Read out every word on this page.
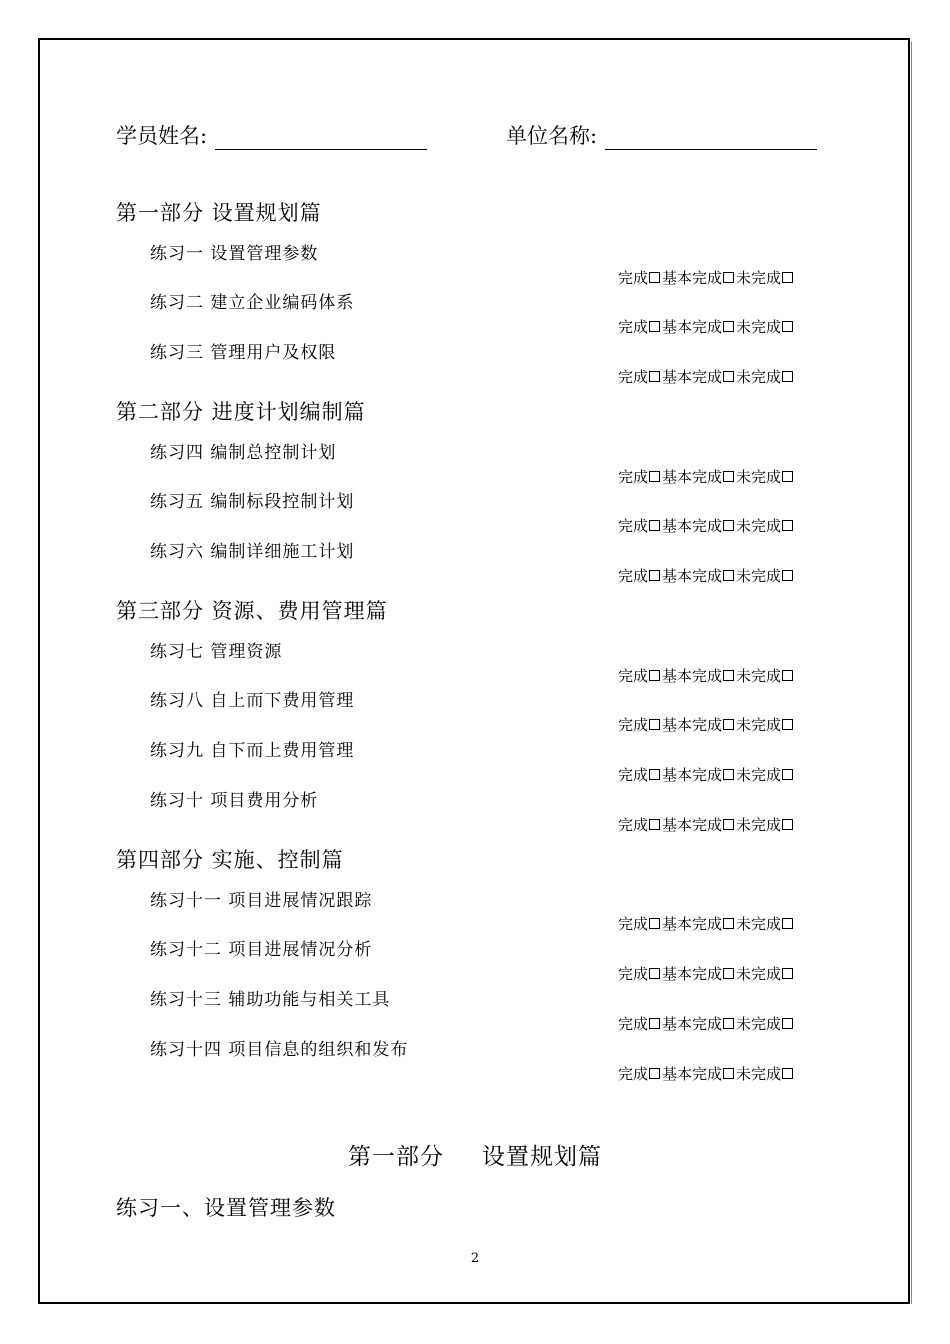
学员姓名:	单位名称:
第一部分 设置规划篇
练习一 设置管理参数
练习二 建立企业编码体系
练习三 管理用户及权限
第二部分 进度计划编制篇
练习四 编制总控制计划
练习五 编制标段控制计划
练习六 编制详细施工计划
第三部分 资源、费用管理篇
练习七 管理资源
练习八 自上而下费用管理
练习九 自下而上费用管理
练习十 项目费用分析
第四部分 实施、控制篇
练习十一 项目进展情况跟踪
练习十二 项目进展情况分析
练习十三 辅助功能与相关工具
练习十四 项目信息的组织和发布
完成 基本完成 未完成
完成 基本完成 未完成
完成 基本完成 未完成
完成 基本完成 未完成
完成 基本完成 未完成
完成 基本完成 未完成
完成 基本完成 未完成
完成 基本完成 未完成
完成 基本完成 未完成
完成 基本完成 未完成
完成 基本完成 未完成
完成 基本完成 未完成
完成 基本完成 未完成
完成 基本完成 未完成
第一部分 设置规划篇
练习一、设置管理参数
2
